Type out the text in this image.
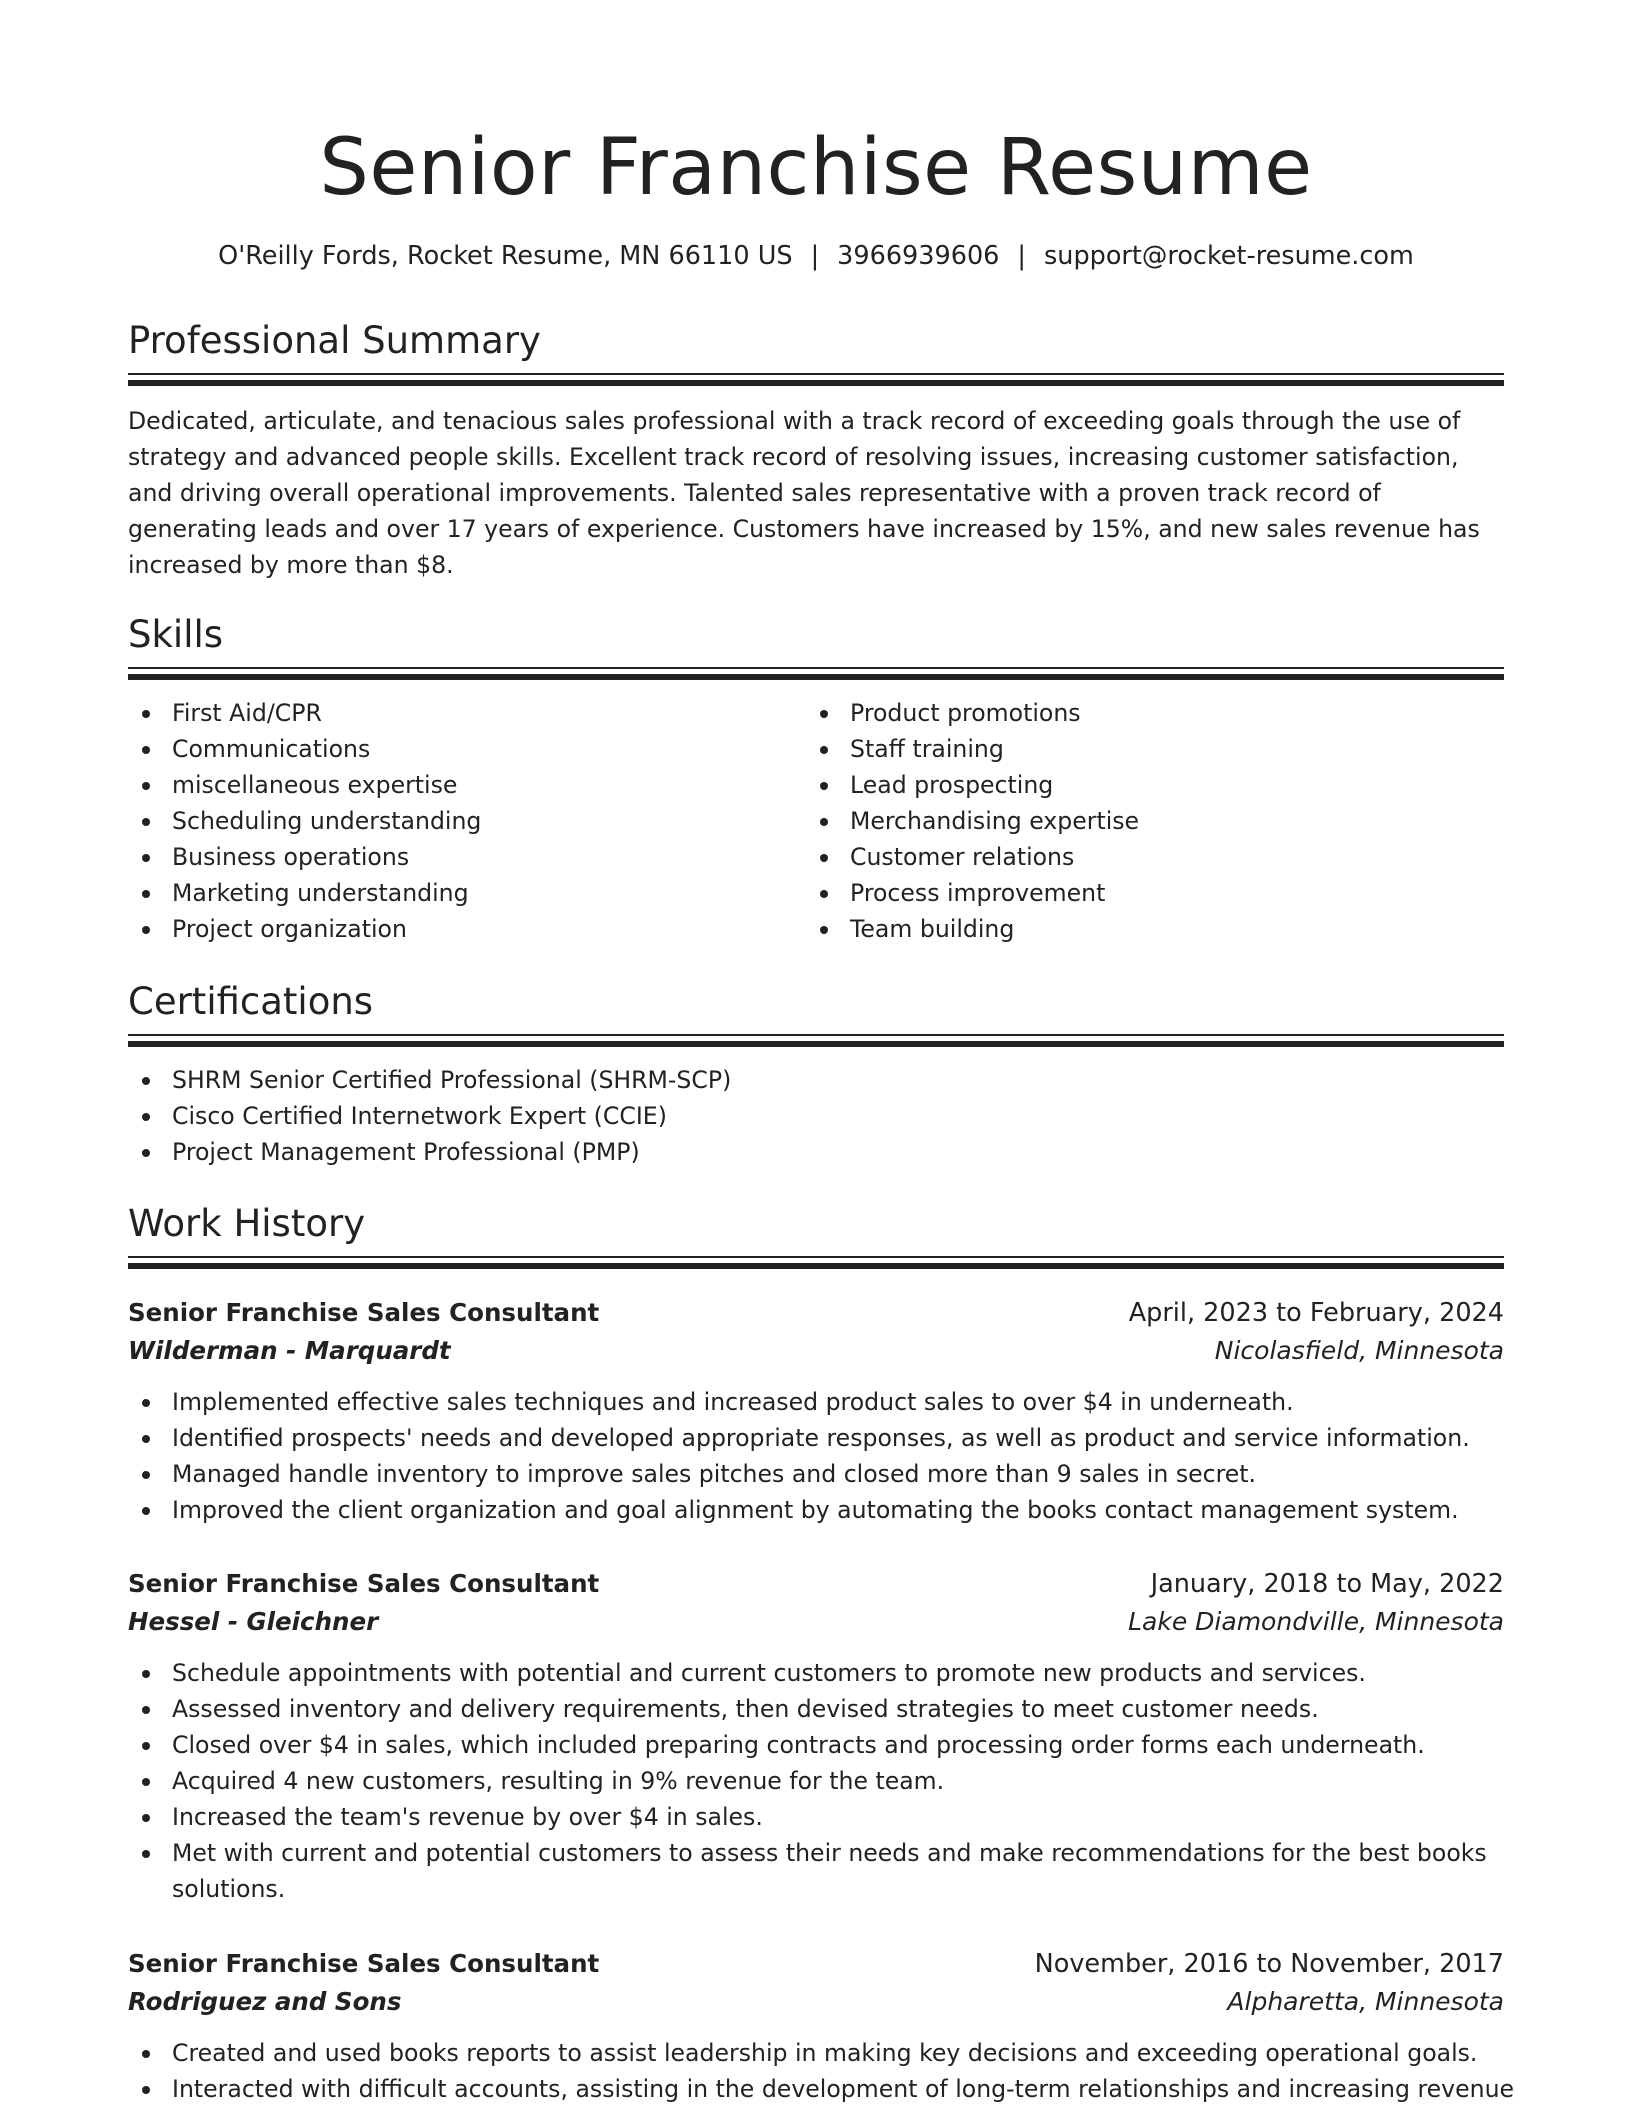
Senior Franchise Resume
O'Reilly Fords, Rocket Resume, MN 66110 US | 3966939606 | support@rocket-resume.com
Professional Summary

Dedicated, articulate, and tenacious sales professional with a track record of exceeding goals through the use of strategy and advanced people skills. Excellent track record of resolving issues, increasing customer satisfaction, and driving overall operational improvements. Talented sales representative with a proven track record of generating leads and over 17 years of experience. Customers have increased by 15%, and new sales revenue has increased by more than $8.

Skills
First Aid/CPR
Communications
miscellaneous expertise
Scheduling understanding
Business operations
Marketing understanding
Project organization
Product promotions
Staff training
Lead prospecting
Merchandising expertise
Customer relations
Process improvement
Team building
Certifications
SHRM Senior Certified Professional (SHRM-SCP)
Cisco Certified Internetwork Expert (CCIE)
Project Management Professional (PMP)
Work History
Senior Franchise Sales Consultant	April, 2023 to February, 2024
Wilderman - Marquardt	Nicolasfield, Minnesota
Implemented effective sales techniques and increased product sales to over $4 in underneath.
Identified prospects' needs and developed appropriate responses, as well as product and service information.
Managed handle inventory to improve sales pitches and closed more than 9 sales in secret.
Improved the client organization and goal alignment by automating the books contact management system.
Senior Franchise Sales Consultant	January, 2018 to May, 2022
Hessel - Gleichner	Lake Diamondville, Minnesota
Schedule appointments with potential and current customers to promote new products and services.
Assessed inventory and delivery requirements, then devised strategies to meet customer needs.
Closed over $4 in sales, which included preparing contracts and processing order forms each underneath.
Acquired 4 new customers, resulting in 9% revenue for the team.
Increased the team's revenue by over $4 in sales.
Met with current and potential customers to assess their needs and make recommendations for the best books solutions.
Senior Franchise Sales Consultant	November, 2016 to November, 2017
Rodriguez and Sons	Alpharetta, Minnesota
Created and used books reports to assist leadership in making key decisions and exceeding operational goals.
Interacted with difficult accounts, assisting in the development of long-term relationships and increasing revenue
